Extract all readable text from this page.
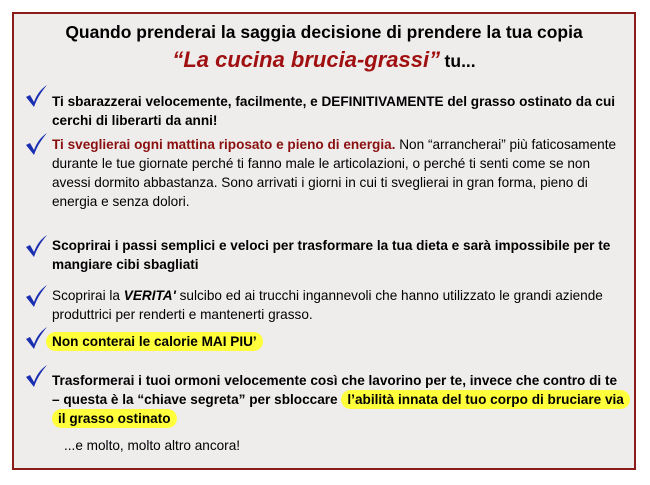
Quando prenderai la saggia decisione di prendere la tua copia
“La cucina brucia-grassi” tu...
Ti sbarazzerai velocemente, facilmente, e DEFINITIVAMENTE del grasso ostinato da cui cerchi di liberarti da anni!
Ti sveglierai ogni mattina riposato e pieno di energia. Non “arrancherai” più faticosamente durante le tue giornate perché ti fanno male le articolazioni, o perché ti senti come se non avessi dormito abbastanza. Sono arrivati i giorni in cui ti sveglierai in gran forma, pieno di energia e senza dolori.
Scoprirai i passi semplici e veloci per trasformare la tua dieta e sarà impossibile per te mangiare cibi sbagliati
Scoprirai la VERITA' sulcibo ed ai trucchi ingannevoli che hanno utilizzato le grandi aziende produttrici per renderti e mantenerti grasso.
Non conterai le calorie MAI PIU’
Trasformerai i tuoi ormoni velocemente così che lavorino per te, invece che contro di te – questa è la “chiave segreta” per sbloccare l’abilità innata del tuo corpo di bruciare via il grasso ostinato
...e molto, molto altro ancora!
